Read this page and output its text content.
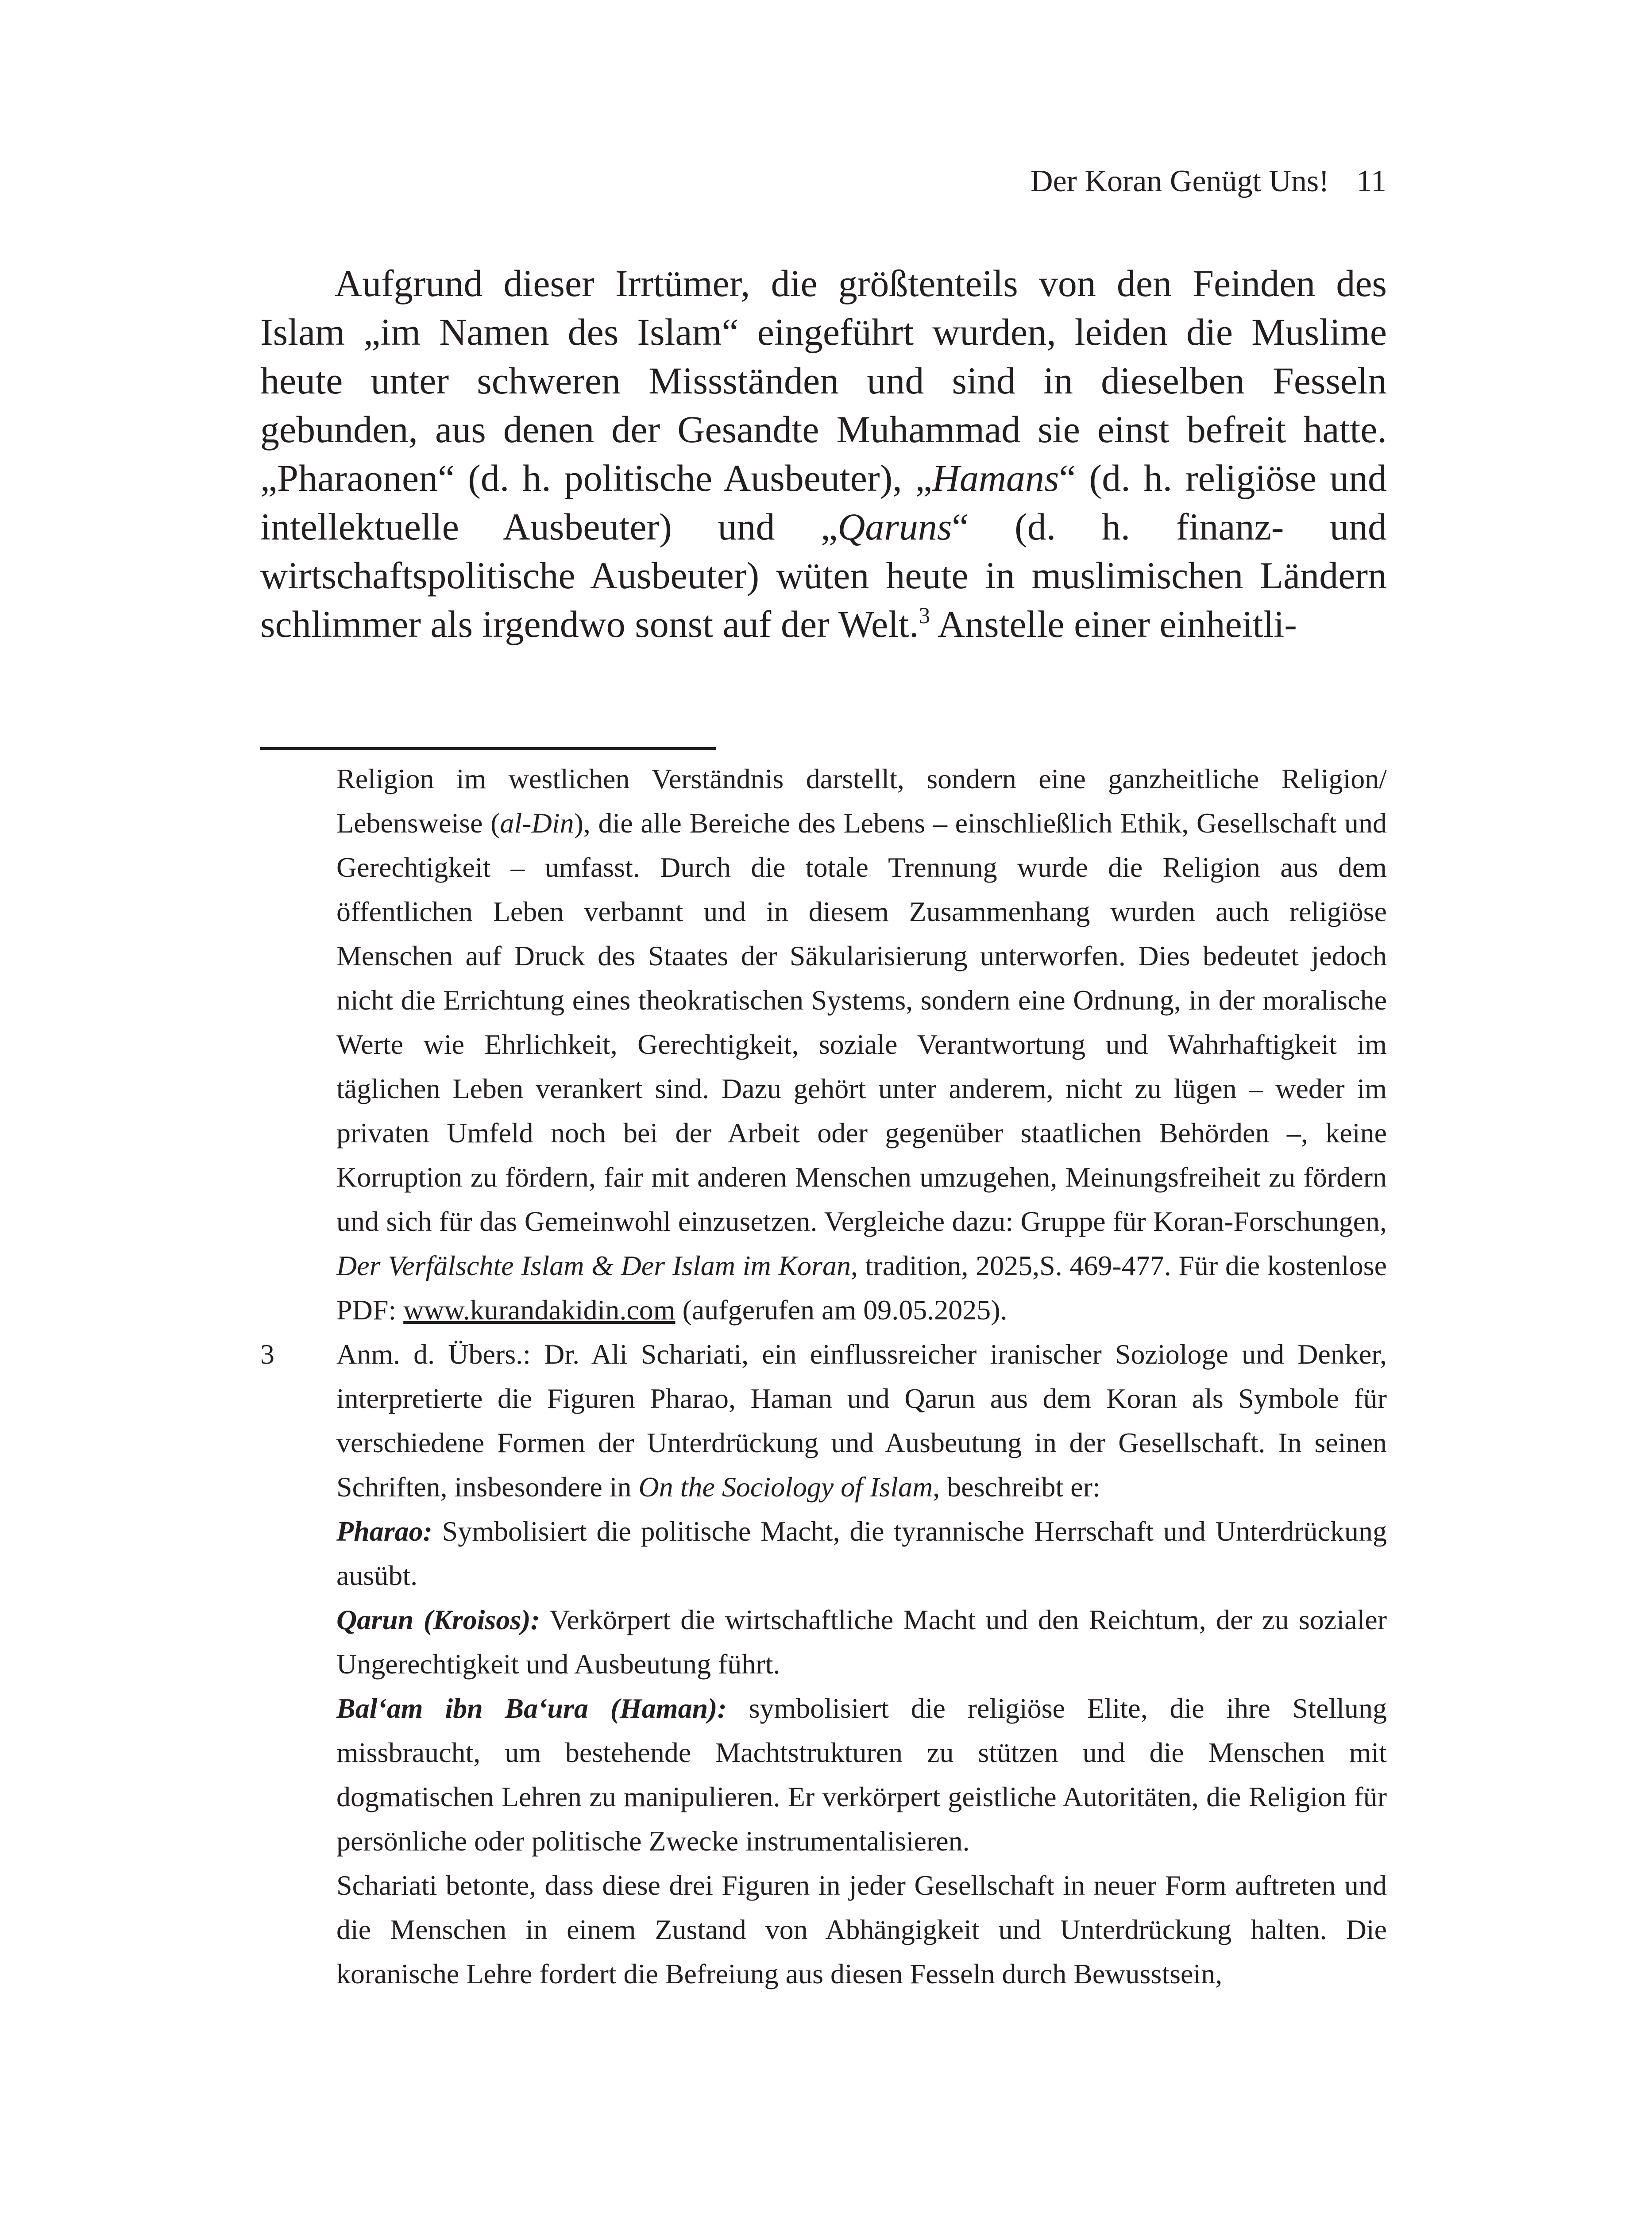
Der Koran Genügt Uns! 11

Aufgrund dieser Irrtümer, die größtenteils von den Feinden des Islam „im Namen des Islam“ eingeführt wurden, leiden die Muslime heute unter schweren Missständen und sind in dieselben Fesseln gebunden, aus denen der Gesandte Muhammad sie einst befreit hatte. „Pharaonen“ (d. h. politische Ausbeuter), „Hamans“ (d. h. religiöse und intellektuelle Ausbeuter) und „Qaruns“ (d. h. finanz- und wirtschaftspolitische Ausbeuter) wüten heute in muslimischen Ländern schlimmer als irgendwo sonst auf der Welt.$^3$ Anstelle einer einheitli-

Religion im westlichen Verständnis darstellt, sondern eine ganzheitliche Religion/ Lebensweise (al-Din), die alle Bereiche des Lebens – einschließlich Ethik, Gesellschaft und Gerechtigkeit – umfasst. Durch die totale Trennung wurde die Religion aus dem öffentlichen Leben verbannt und in diesem Zusammenhang wurden auch religiöse Menschen auf Druck des Staates der Säkularisierung unterworfen. Dies bedeutet jedoch nicht die Errichtung eines theokratischen Systems, sondern eine Ordnung, in der moralische Werte wie Ehrlichkeit, Gerechtigkeit, soziale Verantwortung und Wahrhaftigkeit im täglichen Leben verankert sind. Dazu gehört unter anderem, nicht zu lügen – weder im privaten Umfeld noch bei der Arbeit oder gegenüber staatlichen Behörden –, keine Korruption zu fördern, fair mit anderen Menschen umzugehen, Meinungsfreiheit zu fördern und sich für das Gemeinwohl einzusetzen. Vergleiche dazu: Gruppe für Koran-Forschungen, Der Verfälschte Islam & Der Islam im Koran, tradition, 2025,S. 469-477. Für die kostenlose PDF: www.kurandakidin.com (aufgerufen am 09.05.2025).

3 Anm. d. Übers.: Dr. Ali Schariati, ein einflussreicher iranischer Soziologe und Denker, interpretierte die Figuren Pharao, Haman und Qarun aus dem Koran als Symbole für verschiedene Formen der Unterdrückung und Ausbeutung in der Gesellschaft. In seinen Schriften, insbesondere in On the Sociology of Islam, beschreibt er:

Pharao: Symbolisiert die politische Macht, die tyrannische Herrschaft und Unterdrückung ausübt.

Qarun (Kroisos): Verkörpert die wirtschaftliche Macht und den Reichtum, der zu sozialer Ungerechtigkeit und Ausbeutung führt.

Bal‘am ibn Ba‘ura (Haman): symbolisiert die religiöse Elite, die ihre Stellung missbraucht, um bestehende Machtstrukturen zu stützen und die Menschen mit dogmatischen Lehren zu manipulieren. Er verkörpert geistliche Autoritäten, die Religion für persönliche oder politische Zwecke instrumentalisieren.

Schariati betonte, dass diese drei Figuren in jeder Gesellschaft in neuer Form auftreten und die Menschen in einem Zustand von Abhängigkeit und Unterdrückung halten. Die koranische Lehre fordert die Befreiung aus diesen Fesseln durch Bewusstsein,
